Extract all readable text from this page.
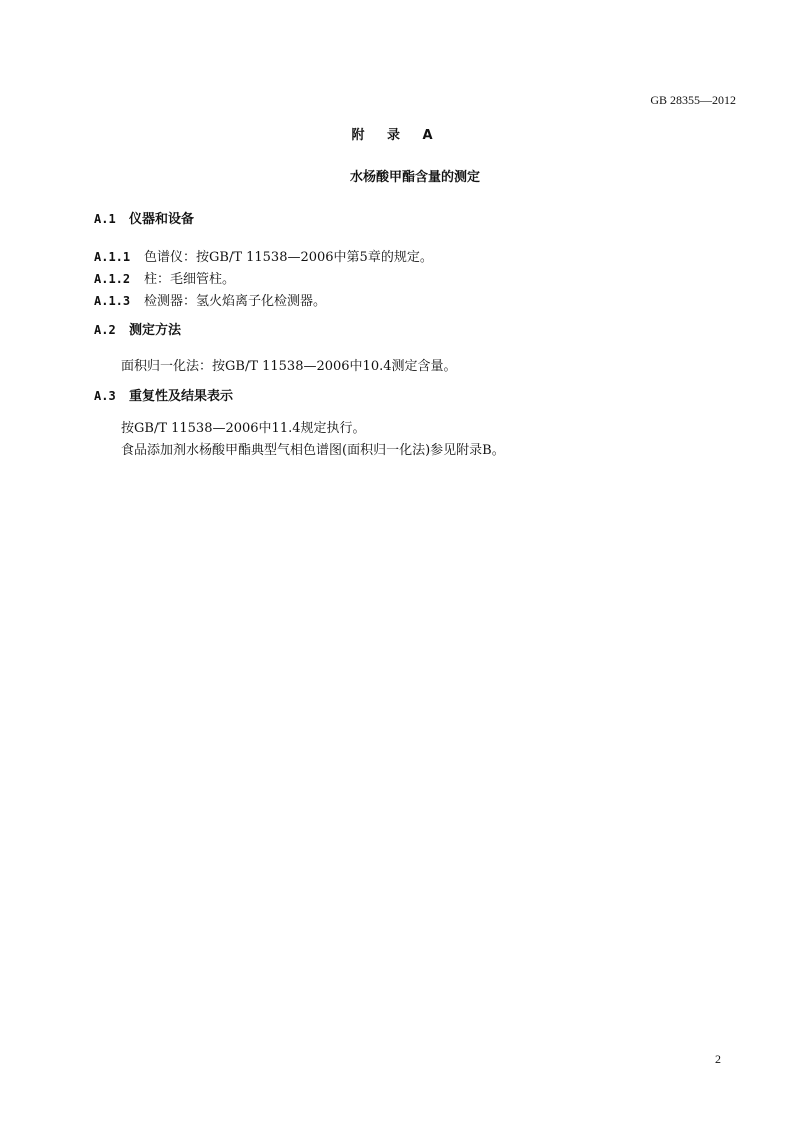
GB 28355—2012
附 录 A
水杨酸甲酯含量的测定
A.1 仪器和设备
A.1.1 色谱仪：按GB/T 11538—2006中第5章的规定。
A.1.2 柱：毛细管柱。
A.1.3 检测器：氢火焰离子化检测器。
A.2 测定方法
面积归一化法：按GB/T 11538—2006中10.4测定含量。
A.3 重复性及结果表示
按GB/T 11538—2006中11.4规定执行。
食品添加剂水杨酸甲酯典型气相色谱图(面积归一化法)参见附录B。
2
